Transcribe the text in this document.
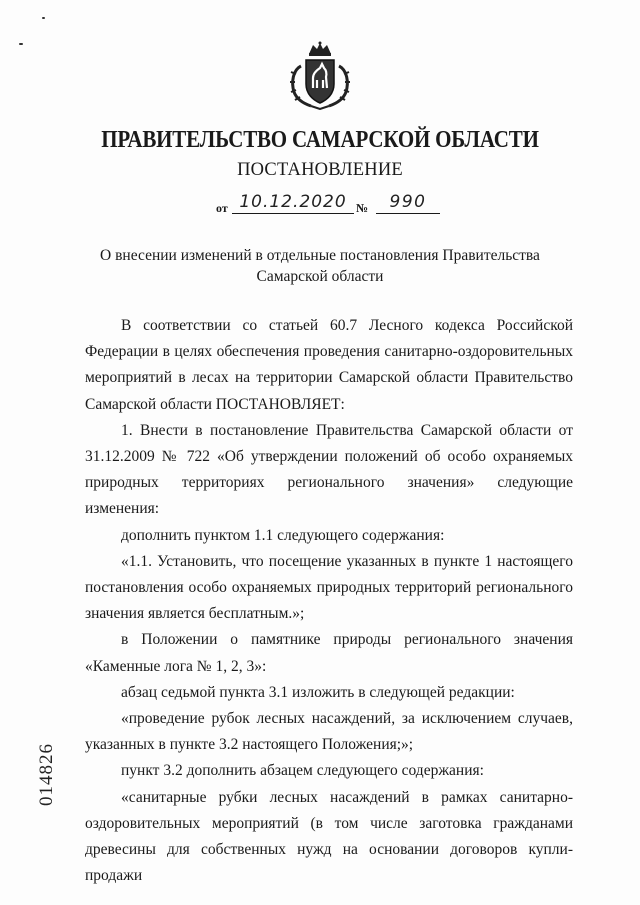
ПРАВИТЕЛЬСТВО САМАРСКОЙ ОБЛАСТИ
ПОСТАНОВЛЕНИЕ
от 10.12.2020 №	990
О внесении изменений в отдельные постановления Правительства Самарской области

В соответствии со статьей 60.7 Лесного кодекса Российской Федерации в целях обеспечения проведения санитарно-оздоровительных мероприятий в лесах на территории Самарской области Правительство Самарской области ПОСТАНОВЛЯЕТ:

1. Внести в постановление Правительства Самарской области от 31.12.2009 № 722 «Об утверждении положений об особо охраняемых природных территориях регионального значения» следующие изменения:

дополнить пунктом 1.1 следующего содержания:

«1.1. Установить, что посещение указанных в пункте 1 настоящего постановления особо охраняемых природных территорий регионального значения является бесплатным.»;

в Положении о памятнике природы регионального значения «Каменные лога № 1, 2, 3»:

абзац седьмой пункта 3.1 изложить в следующей редакции:

«проведение рубок лесных насаждений, за исключением случаев, указанных в пункте 3.2 настоящего Положения;»;

пункт 3.2 дополнить абзацем следующего содержания:

«санитарные рубки лесных насаждений в рамках санитарно-оздоровительных мероприятий (в том числе заготовка гражданами древесины для собственных нужд на основании договоров купли-продажи

014826
